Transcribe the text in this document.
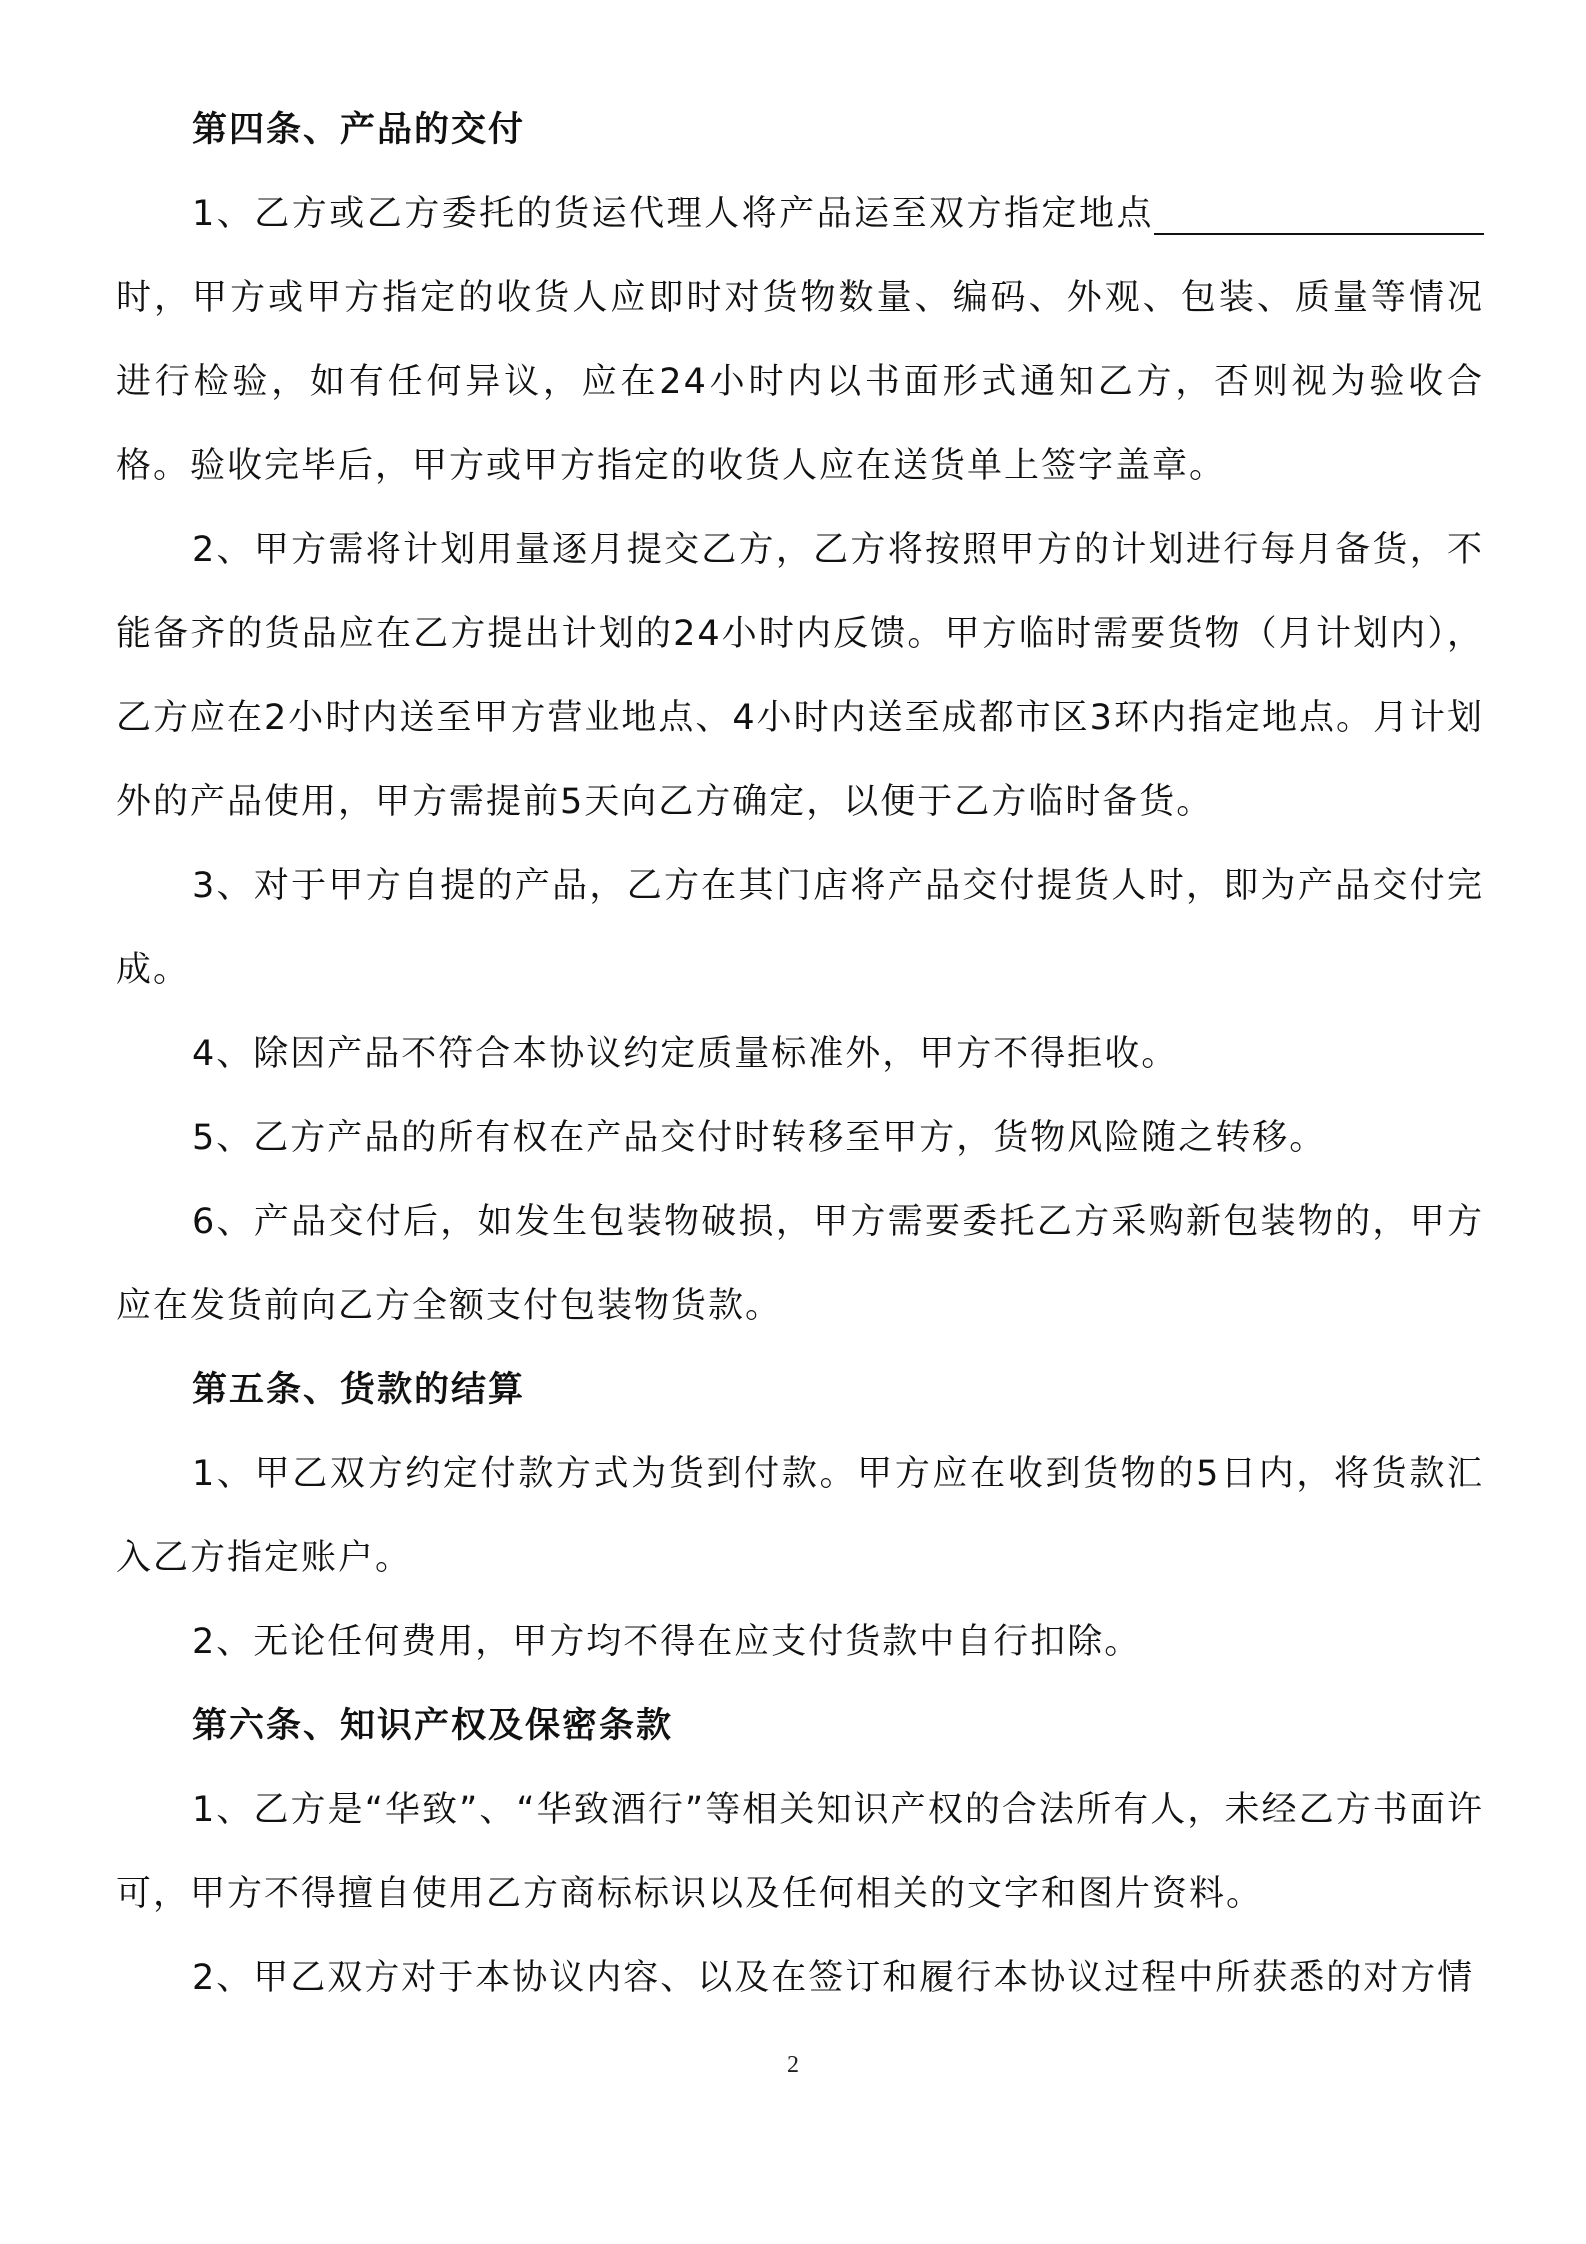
第四条、产品的交付

1、乙方或乙方委托的货运代理人将产品运至双方指定地点时，甲方或甲方指定的收货人应即时对货物数量、编码、外观、包装、质量等情况进行检验，如有任何异议，应在24小时内以书面形式通知乙方，否则视为验收合格。验收完毕后，甲方或甲方指定的收货人应在送货单上签字盖章。

2、甲方需将计划用量逐月提交乙方，乙方将按照甲方的计划进行每月备货，不能备齐的货品应在乙方提出计划的24小时内反馈。甲方临时需要货物（月计划内），乙方应在2小时内送至甲方营业地点、4小时内送至成都市区3环内指定地点。月计划外的产品使用，甲方需提前5天向乙方确定，以便于乙方临时备货。

3、对于甲方自提的产品，乙方在其门店将产品交付提货人时，即为产品交付完成。

4、除因产品不符合本协议约定质量标准外，甲方不得拒收。

5、乙方产品的所有权在产品交付时转移至甲方，货物风险随之转移。

6、产品交付后，如发生包装物破损，甲方需要委托乙方采购新包装物的，甲方应在发货前向乙方全额支付包装物货款。

第五条、货款的结算

1、甲乙双方约定付款方式为货到付款。甲方应在收到货物的5日内，将货款汇入乙方指定账户。

2、无论任何费用，甲方均不得在应支付货款中自行扣除。

第六条、知识产权及保密条款

1、乙方是“华致”、“华致酒行”等相关知识产权的合法所有人，未经乙方书面许可，甲方不得擅自使用乙方商标标识以及任何相关的文字和图片资料。

2、甲乙双方对于本协议内容、以及在签订和履行本协议过程中所获悉的对方情

2
